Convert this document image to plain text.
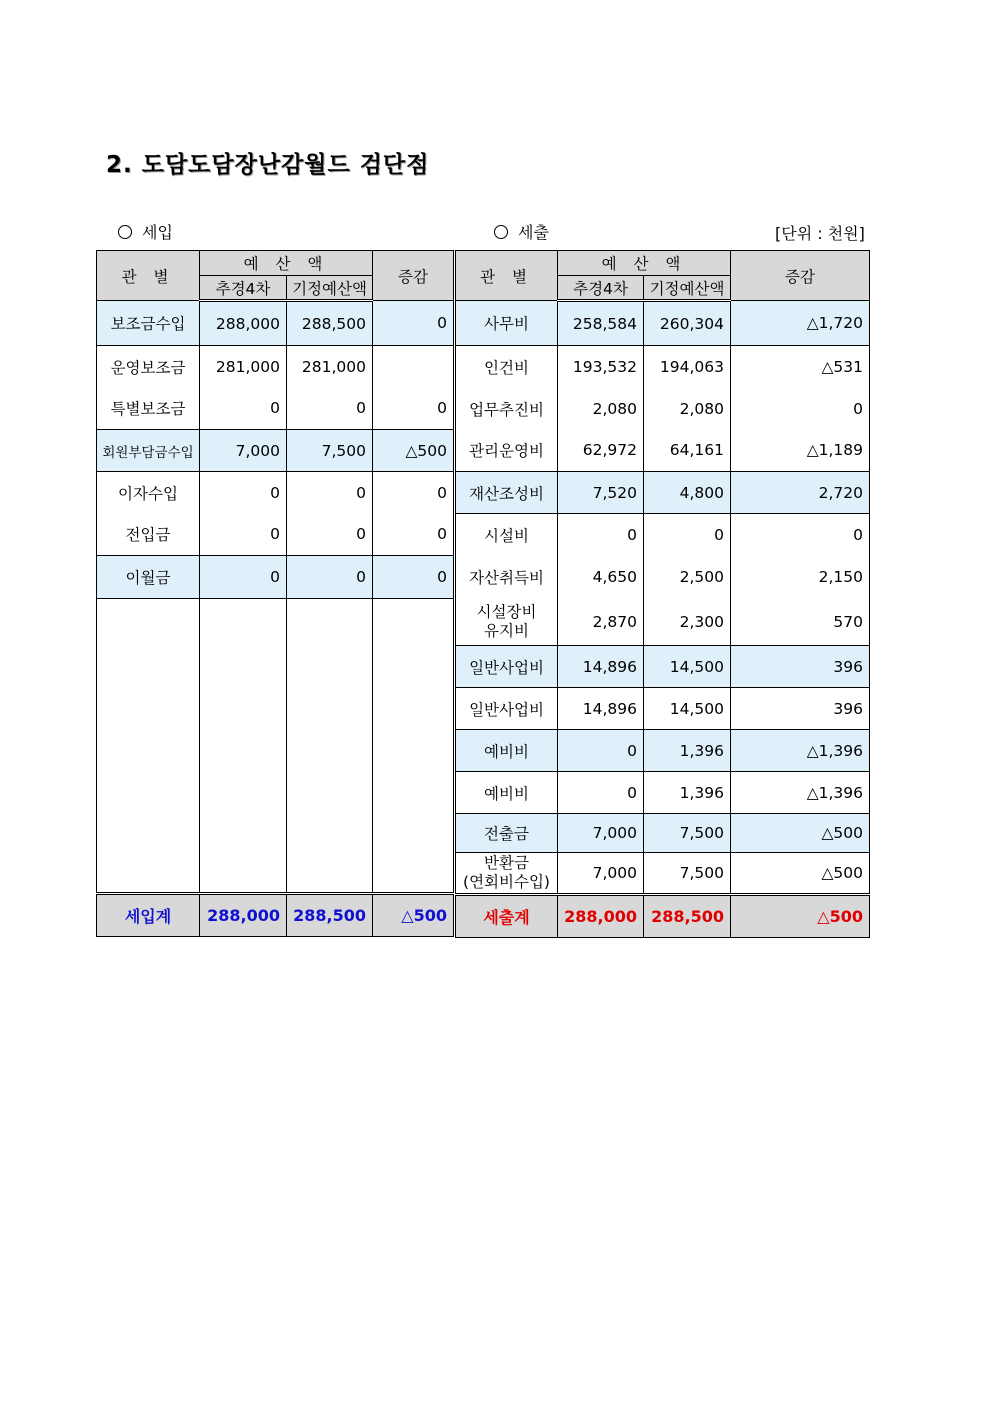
2. 도담도담장난감월드 검단점
세입	세출	[단위 : 천원]
관 별	예 산 액		증감
	추경4차	기정예산액	
보조금수입	288,000	288,500	0
운영보조금	281,000	281,000	
특별보조금	0	0	0
회원부담금수입	7,000	7,500	△500
이자수입	0	0	0
전입금	0	0	0
이월금	0	0	0

세입계	288,000	288,500	△500
관 별	예 산 액		증감
	추경4차	기정예산액	
사무비	258,584	260,304	△1,720
인건비	193,532	194,063	△531
업무추진비	2,080	2,080	0
관리운영비	62,972	64,161	△1,189
재산조성비	7,520	4,800	2,720
시설비	0	0	0
자산취득비	4,650	2,500	2,150
시설장비
유지비	2,870	2,300	570
일반사업비	14,896	14,500	396
일반사업비	14,896	14,500	396
예비비	0	1,396	△1,396
예비비	0	1,396	△1,396
전출금	7,000	7,500	△500
반환금
(연회비수입)	7,000	7,500	△500
세출계	288,000	288,500	△500
